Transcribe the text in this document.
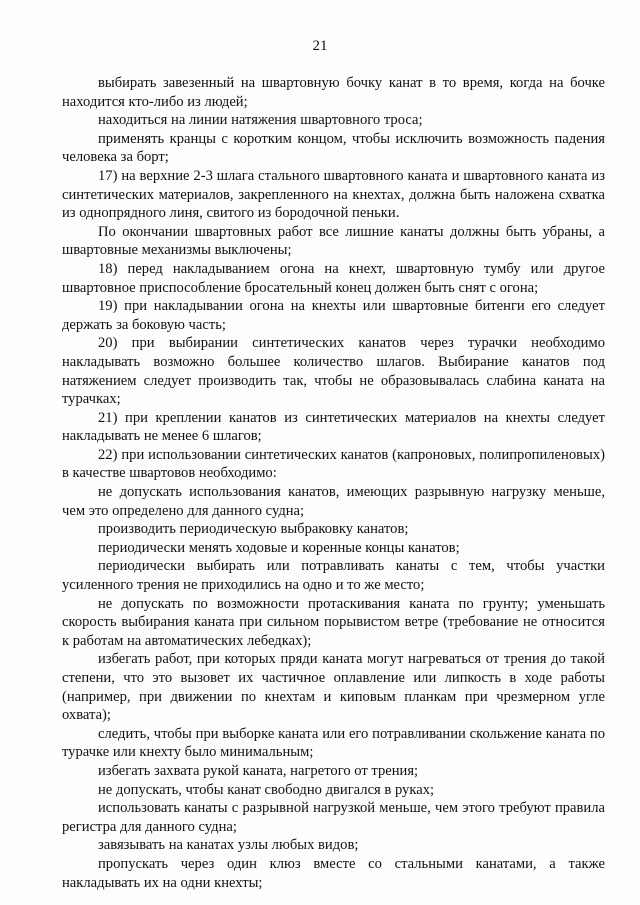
21

выбирать завезенный на швартовную бочку канат в то время, когда на бочке находится кто-либо из людей;

находиться на линии натяжения швартовного троса;

применять кранцы с коротким концом, чтобы исключить возможность падения человека за борт;

17) на верхние 2-3 шлага стального швартовного каната и швартовного каната из синтетических материалов, закрепленного на кнехтах, должна быть наложена схватка из однопрядного линя, свитого из бородочной пеньки.

По окончании швартовных работ все лишние канаты должны быть убраны, а швартовные механизмы выключены;

18) перед накладыванием огона на кнехт, швартовную тумбу или другое швартовное приспособление бросательный конец должен быть снят с огона;

19) при накладывании огона на кнехты или швартовные битенги его следует держать за боковую часть;

20) при выбирании синтетических канатов через турачки необходимо накладывать возможно большее количество шлагов. Выбирание канатов под натяжением следует производить так, чтобы не образовывалась слабина каната на турачках;

21) при креплении канатов из синтетических материалов на кнехты следует накладывать не менее 6 шлагов;

22) при использовании синтетических канатов (капроновых, полипропиленовых) в качестве швартовов необходимо:

не допускать использования канатов, имеющих разрывную нагрузку меньше, чем это определено для данного судна;

производить периодическую выбраковку канатов;

периодически менять ходовые и коренные концы канатов;

периодически выбирать или потравливать канаты с тем, чтобы участки усиленного трения не приходились на одно и то же место;

не допускать по возможности протаскивания каната по грунту; уменьшать скорость выбирания каната при сильном порывистом ветре (требование не относится к работам на автоматических лебедках);

избегать работ, при которых пряди каната могут нагреваться от трения до такой степени, что это вызовет их частичное оплавление или липкость в ходе работы (например, при движении по кнехтам и киповым планкам при чрезмерном угле охвата);

следить, чтобы при выборке каната или его потравливании скольжение каната по турачке или кнехту было минимальным;

избегать захвата рукой каната, нагретого от трения;

не допускать, чтобы канат свободно двигался в руках;

использовать канаты с разрывной нагрузкой меньше, чем этого требуют правила регистра для данного судна;

завязывать на канатах узлы любых видов;

пропускать через один клюз вместе со стальными канатами, а также накладывать их на одни кнехты;
